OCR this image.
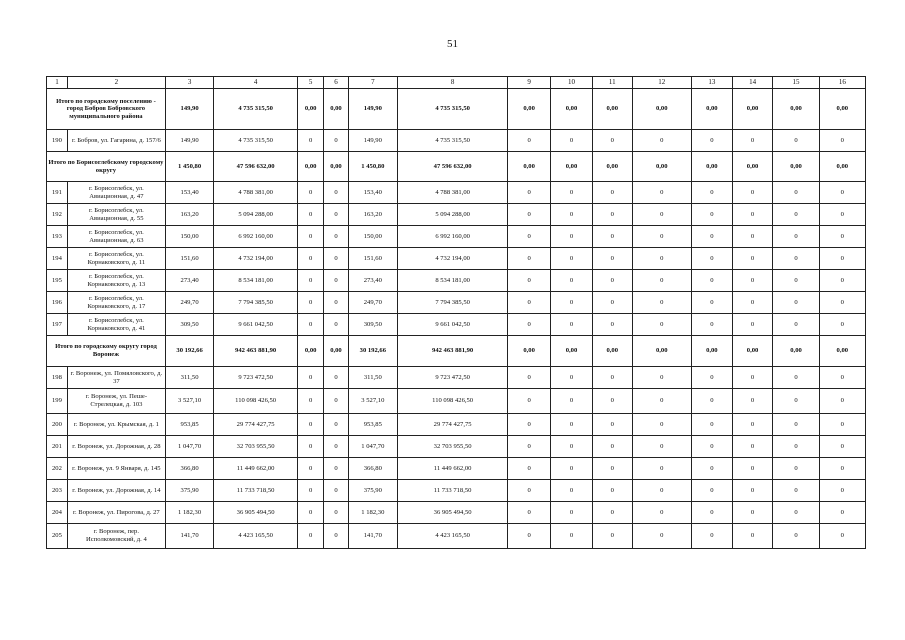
51
1	2	3	4	5	6	7	8	9	10	11	12	13	14	15	16
Итого по городскому поселению - город Бобров Бобровского муниципального района		149,90	4 735 315,50	0,00	0,00	149,90	4 735 315,50	0,00	0,00	0,00	0,00	0,00	0,00	0,00	0,00
190	г. Бобров, ул. Гагарина, д. 157/6	149,90	4 735 315,50	0	0	149,90	4 735 315,50	0	0	0	0	0	0	0	0
Итого по Борисоглебскому городскому округу		1 450,80	47 596 632,00	0,00	0,00	1 450,80	47 596 632,00	0,00	0,00	0,00	0,00	0,00	0,00	0,00	0,00
191	г. Борисоглебск, ул. Авиационная, д. 47	153,40	4 788 381,00	0	0	153,40	4 788 381,00	0	0	0	0	0	0	0	0
192	г. Борисоглебск, ул. Авиационная, д. 55	163,20	5 094 288,00	0	0	163,20	5 094 288,00	0	0	0	0	0	0	0	0
193	г. Борисоглебск, ул. Авиационная, д. 63	150,00	6 992 160,00	0	0	150,00	6 992 160,00	0	0	0	0	0	0	0	0
194	г. Борисоглебск, ул. Корнаковского, д. 11	151,60	4 732 194,00	0	0	151,60	4 732 194,00	0	0	0	0	0	0	0	0
195	г. Борисоглебск, ул. Корнаковского, д. 13	273,40	8 534 181,00	0	0	273,40	8 534 181,00	0	0	0	0	0	0	0	0
196	г. Борисоглебск, ул. Корнаковского, д. 17	249,70	7 794 385,50	0	0	249,70	7 794 385,50	0	0	0	0	0	0	0	0
197	г. Борисоглебск, ул. Корнаковского, д. 41	309,50	9 661 042,50	0	0	309,50	9 661 042,50	0	0	0	0	0	0	0	0
Итого по городскому округу город Воронеж		30 192,66	942 463 881,90	0,00	0,00	30 192,66	942 463 881,90	0,00	0,00	0,00	0,00	0,00	0,00	0,00	0,00
198	г. Воронеж, ул. Помяловского, д. 37	311,50	9 723 472,50	0	0	311,50	9 723 472,50	0	0	0	0	0	0	0	0
199	г. Воронеж, ул. Пеше-Стрелецкая, д. 103	3 527,10	110 098 426,50	0	0	3 527,10	110 098 426,50	0	0	0	0	0	0	0	0
200	г. Воронеж, ул. Крымская, д. 1	953,85	29 774 427,75	0	0	953,85	29 774 427,75	0	0	0	0	0	0	0	0
201	г. Воронеж, ул. Дорожная, д. 28	1 047,70	32 703 955,50	0	0	1 047,70	32 703 955,50	0	0	0	0	0	0	0	0
202	г. Воронеж, ул. 9 Января, д. 145	366,80	11 449 662,00	0	0	366,80	11 449 662,00	0	0	0	0	0	0	0	0
203	г. Воронеж, ул. Дорожная, д. 14	375,90	11 733 718,50	0	0	375,90	11 733 718,50	0	0	0	0	0	0	0	0
204	г. Воронеж, ул. Пирогова, д. 27	1 182,30	36 905 494,50	0	0	1 182,30	36 905 494,50	0	0	0	0	0	0	0	0
205	г. Воронеж, пер. Исполкомовский, д. 4	141,70	4 423 165,50	0	0	141,70	4 423 165,50	0	0	0	0	0	0	0	0
